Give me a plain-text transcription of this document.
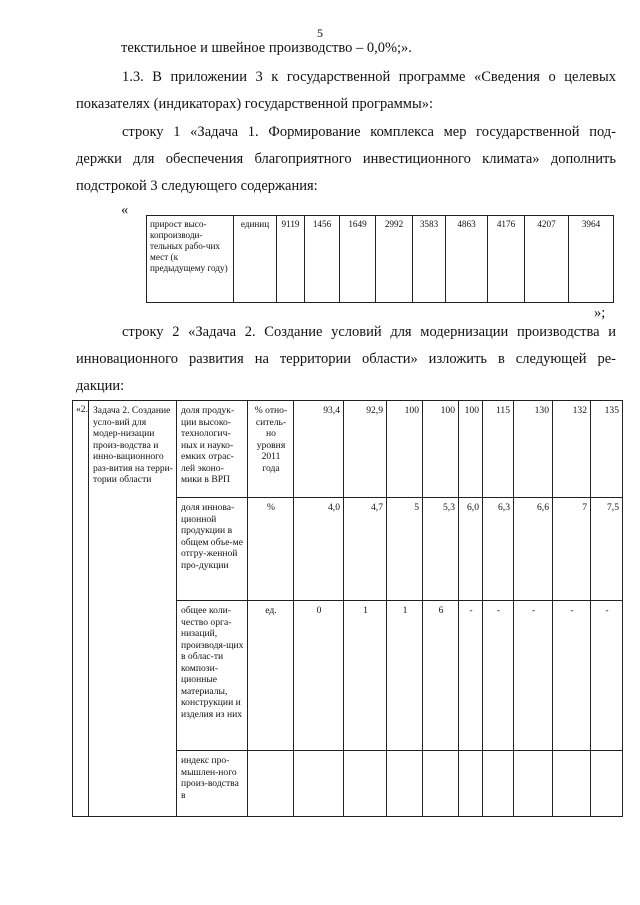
5
текстильное и швейное производство – 0,0%;».
1.3. В приложении 3 к государственной программе «Сведения о целевых
показателях (индикаторах) государственной программы»:
строку 1 «Задача 1. Формирование комплекса мер государственной под-
держки для обеспечения благоприятного инвестиционного климата» дополнить
подстрокой 3 следующего содержания:
«
прирост высо-копроизводи-тельных рабо-чих мест (к предыдущему году)	единиц	9119	1456	1649	2992	3583	4863	4176	4207	3964
»;
строку 2 «Задача 2. Создание условий для модернизации производства и
инновационного развития на территории области» изложить в следующей ре-
дакции:
«2.	Задача 2. Создание усло-вий для модер-низации произ-водства и инно-вационного раз-вития на терри-тории области	доля продук-ции высоко-технологич-ных и науко-емких отрас-лей эконо-мики в ВРП	% отно-ситель-но уровня 2011 года	93,4	92,9	100	100	100	115	130	132	135
		доля иннова-ционной продукции в общем объе-ме отгру-женной про-дукции	%	4,0	4,7	5	5,3	6,0	6,3	6,6	7	7,5
		общее коли-чество орга-низаций, производя-щих в облас-ти компози-ционные материалы, конструкции и изделия из них	ед.	0	1	1	6	-	-	-	-	-
		индекс про-мышлен-ного произ-водства в										
